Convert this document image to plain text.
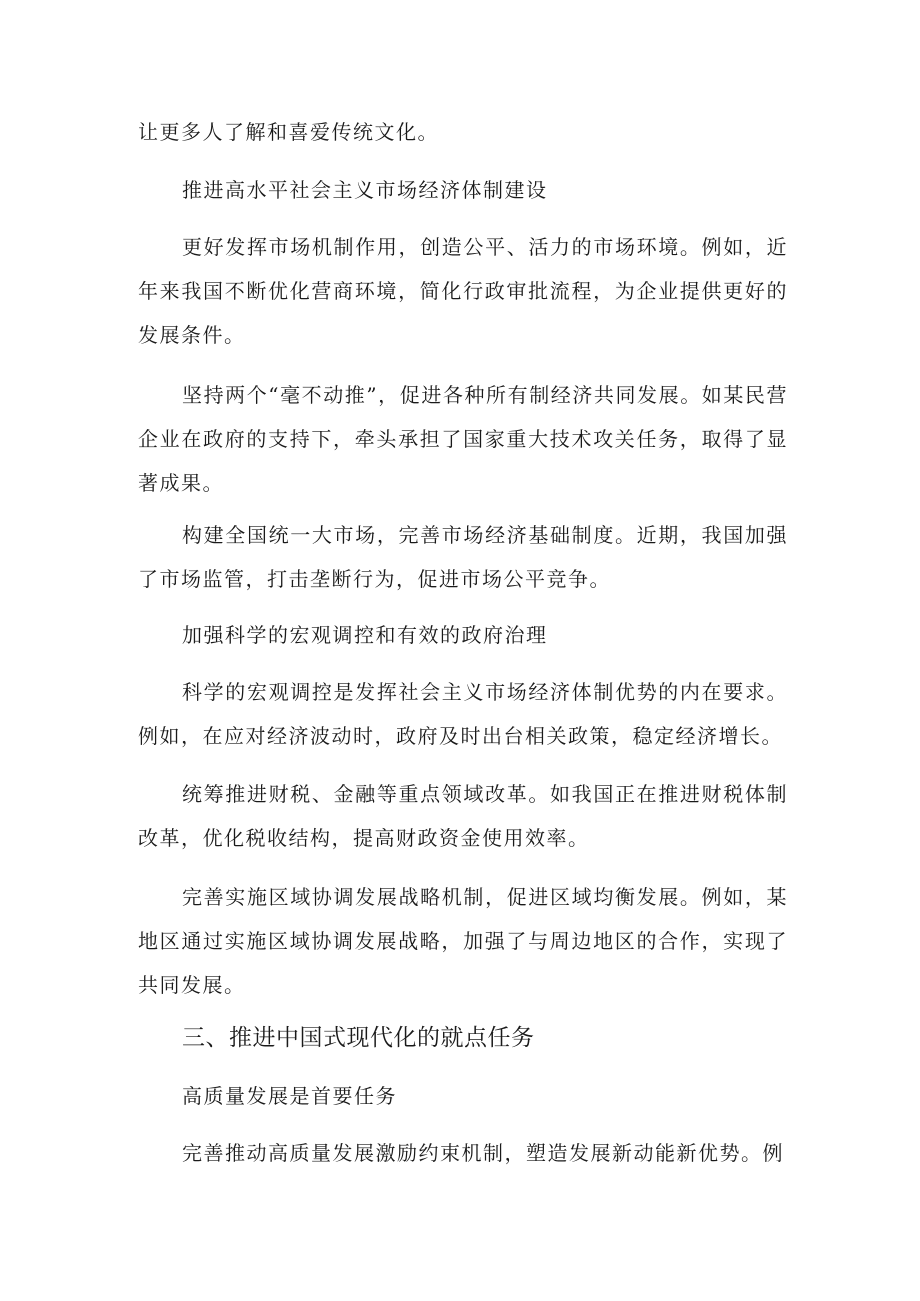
让更多人了解和喜爱传统文化。

推进高水平社会主义市场经济体制建设

更好发挥市场机制作用，创造公平、活力的市场环境。例如，近年来我国不断优化营商环境，简化行政审批流程，为企业提供更好的发展条件。

坚持两个“毫不动推”，促进各种所有制经济共同发展。如某民营企业在政府的支持下，牵头承担了国家重大技术攻关任务，取得了显著成果。

构建全国统一大市场，完善市场经济基础制度。近期，我国加强了市场监管，打击垄断行为，促进市场公平竞争。

加强科学的宏观调控和有效的政府治理

科学的宏观调控是发挥社会主义市场经济体制优势的内在要求。例如，在应对经济波动时，政府及时出台相关政策，稳定经济增长。

统筹推进财税、金融等重点领域改革。如我国正在推进财税体制改革，优化税收结构，提高财政资金使用效率。

完善实施区域协调发展战略机制，促进区域均衡发展。例如，某地区通过实施区域协调发展战略，加强了与周边地区的合作，实现了共同发展。

三、推进中国式现代化的就点任务

高质量发展是首要任务

完善推动高质量发展激励约束机制，塑造发展新动能新优势。例
